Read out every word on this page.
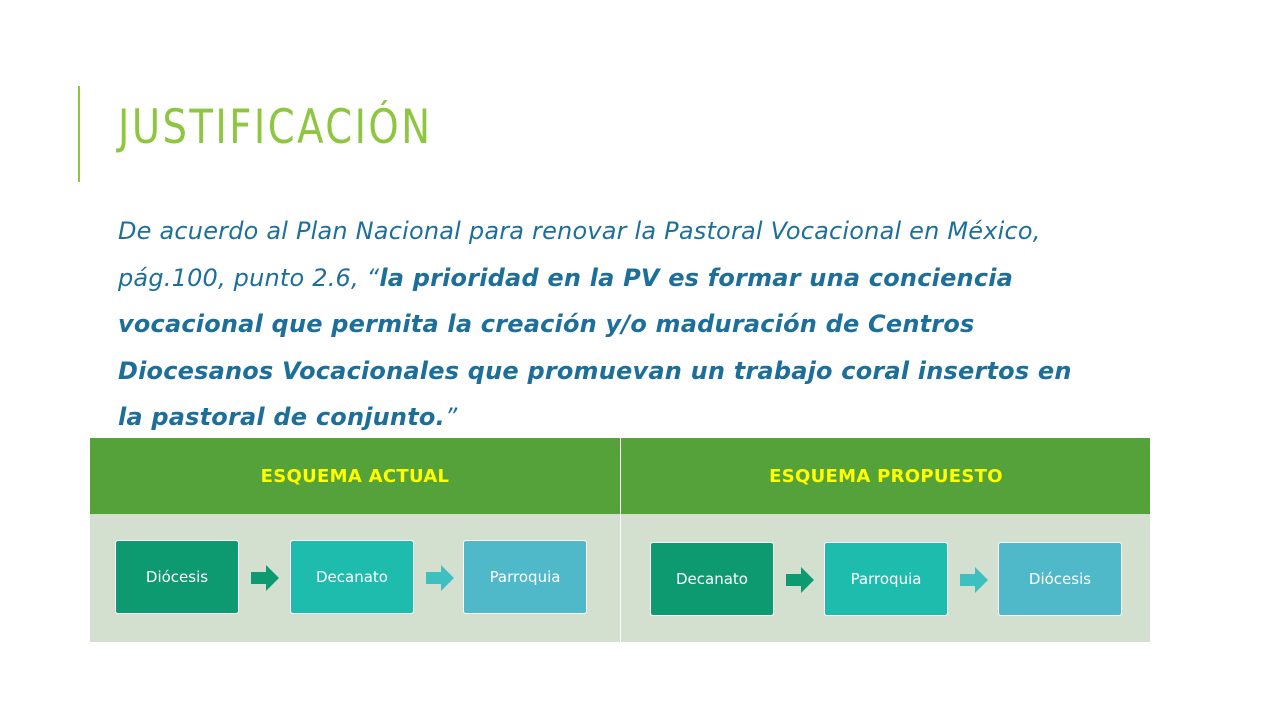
JUSTIFICACIÓN
De acuerdo al Plan Nacional para renovar la Pastoral Vocacional en México, pág.100, punto 2.6, “la prioridad en la PV es formar una conciencia vocacional que permita la creación y/o maduración de Centros Diocesanos Vocacionales que promuevan un trabajo coral insertos en la pastoral de conjunto.”
ESQUEMA ACTUAL	ESQUEMA PROPUESTO
Diócesis	Decanato	Parroquia	Decanato	Parroquia	Diócesis
